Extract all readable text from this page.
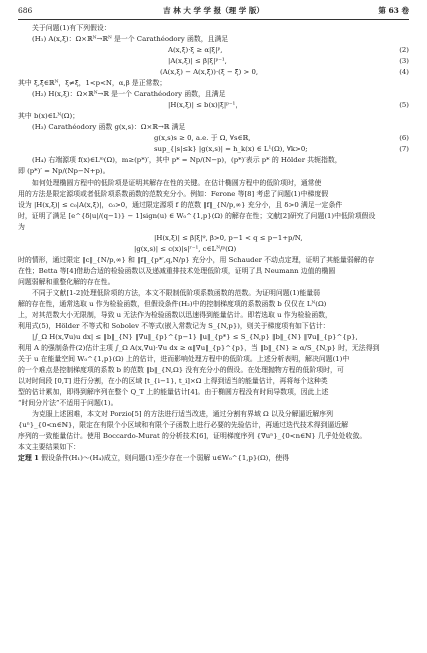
686	吉 林 大 学 学 报（理 学 版）	第 63 卷
关于问题(1)有下列假设：
(H₁) A(x,ξ)：Ω×ℝᴺ→ℝᴺ 是一个 Carathéodory 函数，且满足
A(x,ξ)·ξ ≥ α|ξ|ᵖ,	(2)
|A(x,ξ)| ≤ β|ξ|ᵖ⁻¹,	(3)
(A(x,ξ) − A(x,ξ̃))·(ξ − ξ̃) > 0,	(4)
其中 ξ,ξ̃∈ℝᴺ，ξ≠ξ̃，1<p<N，α,β 是正常数；
(H₂) H(x,ξ)：Ω×ℝᴺ→ℝ 是一个 Carathéodory 函数，且满足
|H(x,ξ)| ≤ b(x)|ξ|ᵖ⁻¹，	(5)
其中 b(x)∈Lᴺ(Ω)；
(H₃) Carathéodory 函数 g(x,s)：Ω×ℝ→ℝ 满足
g(x,s)s ≥ 0, a.e. 于 Ω, ∀s∈ℝ,	(6)
sup_{|s|≤k} |g(x,s)| = h_k(x) ∈ L¹(Ω), ∀k>0;	(7)
(H₄) 右端源项 f(x)∈Lᵐ(Ω)，m≥(p*)′，其中 p* = Np/(N−p)，(p*)′表示 p* 的 Hölder 共轭指数，
即 (p*)′ = Np/(Np−N+p)。
如何处理椭圆方程中的低阶项是证明其解存在性的关键。在估计椭圆方程中的低阶项时，通常使
用的方法是限定源项或者低阶项系数函数的范数充分小。例如：Ferone 等[8] 考虑了问题(1)中梯度假
设为 |H(x,ξ)| ≤ c₀|A(x,ξ)|，c₀>0，通过限定源项 f 的范数 ‖f‖_{N/p,∞} 充分小，且 δ>0 满足一定条件
时，证明了满足 [e^{δ|u|/(q−1)} − 1]sign(u) ∈ W₀^{1,p}(Ω) 的解存在性；文献[2]研究了问题(1)中低阶项假设
为
|H(x,ξ)| ≤ β|ξ|ᵠ, β>0, p−1 < q ≤ p−1+p/N,
|g(x,s)| ≤ c(x)|s|ʳ⁻¹, c∈Lᴺ/ᵖ(Ω)
时的情形，通过限定 ‖c‖_{N/p,∞} 和 ‖f‖_{p*′,q,N/p} 充分小，用 Schauder 不动点定理，证明了其能量弱解的存
在性；Betta 等[4]借助合适的检验函数以及递减重排技术处理低阶项，证明了具 Neumann 边值的椭圆
问题弱解和重整化解的存在性。
不同于文献[1-2]处理低阶项的方法，本文不限制低阶项系数函数的范数。为证明问题(1)能量弱
解的存在性，通常选取 u 作为检验函数，但假设条件(H₂)中的控制梯度项的系数函数 b 仅仅在 Lᴺ(Ω)
上，对其范数大小无限制，导致 u 无法作为检验函数以迅速得到能量估计。即若选取 u 作为检验函数，
利用式(5)，Hölder 不等式和 Sobolev 不等式(嵌入常数记为 S_{N,p})，则关于梯度项有如下估计：
|∫_Ω H(x,∇u)u dx| ≤ ‖b‖_{N} ‖∇u‖_{p}^{p−1} ‖u‖_{p*} ≤ S_{N,p} ‖b‖_{N} ‖∇u‖_{p}^{p},
利用 A 的强制条件(2)估计主项 ∫_Ω A(x,∇u)·∇u dx ≥ α‖∇u‖_{p}^{p}，当 ‖b‖_{N} ≥ α/S_{N,p} 时，无法得到
关于 u 在能量空间 W₀^{1,p}(Ω) 上的估计，进而影响处理方程中的低阶项。上述分析表明，解决问题(1)中
的一个难点是控制梯度项的系数 b 的范数 ‖b‖_{N,Ω} 没有充分小的假设。在处理抛物方程的低阶项时，可
以对时间段 [0,T] 进行分割，在小的区域 [t_{i−1}, t_i]×Ω 上得到适当的能量估计，再将每个这种类
型的估计累加，即得到解序列在整个 Q_T 上的能量估计[4]。由于椭圆方程没有时间导数项，因此上述
“时间分片法”不适用于问题(1)。
为克服上述困难，本文对 Porzio[5] 的方法进行适当改进，通过分割有界域 Ω 以及分解逼近解序列
{uⁿ}_{0<n∈ℕ}，限定在有限个小区域和有限个子函数上进行必要的先验估计，再通过迭代技术得到逼近解
序列的一致能量估计。使用 Boccardo-Murat 的分析技术[6]，证明梯度序列 {∇uⁿ}_{0<n∈ℕ} 几乎处处收敛。
本文主要结果如下：
定理 1 假设条件(H₁)～(H₄)成立，则问题(1)至少存在一个弱解 u∈W₀^{1,p}(Ω)，使得
